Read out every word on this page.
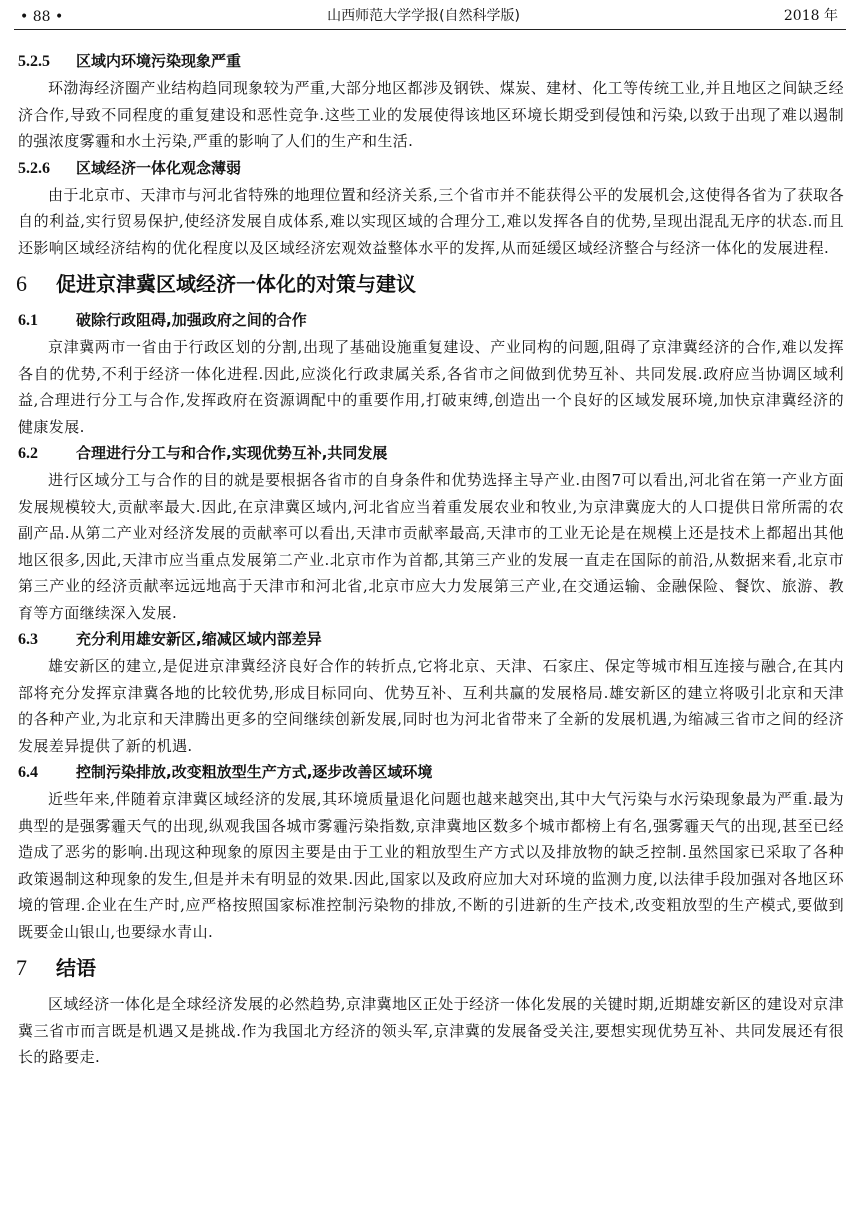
• 88 •	山西师范大学学报(自然科学版)	2018 年
5.2.5 区域内环境污染现象严重

环渤海经济圈产业结构趋同现象较为严重,大部分地区都涉及钢铁、煤炭、建材、化工等传统工业,并且地区之间缺乏经济合作,导致不同程度的重复建设和恶性竞争.这些工业的发展使得该地区环境长期受到侵蚀和污染,以致于出现了难以遏制的强浓度雾霾和水土污染,严重的影响了人们的生产和生活.

5.2.6 区域经济一体化观念薄弱

由于北京市、天津市与河北省特殊的地理位置和经济关系,三个省市并不能获得公平的发展机会,这使得各省为了获取各自的利益,实行贸易保护,使经济发展自成体系,难以实现区域的合理分工,难以发挥各自的优势,呈现出混乱无序的状态.而且还影响区域经济结构的优化程度以及区域经济宏观效益整体水平的发挥,从而延缓区域经济整合与经济一体化的发展进程.

6 促进京津冀区域经济一体化的对策与建议
6.1	破除行政阻碍,加强政府之间的合作

京津冀两市一省由于行政区划的分割,出现了基础设施重复建设、产业同构的问题,阻碍了京津冀经济的合作,难以发挥各自的优势,不利于经济一体化进程.因此,应淡化行政隶属关系,各省市之间做到优势互补、共同发展.政府应当协调区域利益,合理进行分工与合作,发挥政府在资源调配中的重要作用,打破束缚,创造出一个良好的区域发展环境,加快京津冀经济的健康发展.

6.2	合理进行分工与和合作,实现优势互补,共同发展

进行区域分工与合作的目的就是要根据各省市的自身条件和优势选择主导产业.由图7可以看出,河北省在第一产业方面发展规模较大,贡献率最大.因此,在京津冀区域内,河北省应当着重发展农业和牧业,为京津冀庞大的人口提供日常所需的农副产品.从第二产业对经济发展的贡献率可以看出,天津市贡献率最高,天津市的工业无论是在规模上还是技术上都超出其他地区很多,因此,天津市应当重点发展第二产业.北京市作为首都,其第三产业的发展一直走在国际的前沿,从数据来看,北京市第三产业的经济贡献率远远地高于天津市和河北省,北京市应大力发展第三产业,在交通运输、金融保险、餐饮、旅游、教育等方面继续深入发展.

6.3	充分利用雄安新区,缩减区域内部差异

雄安新区的建立,是促进京津冀经济良好合作的转折点,它将北京、天津、石家庄、保定等城市相互连接与融合,在其内部将充分发挥京津冀各地的比较优势,形成目标同向、优势互补、互利共赢的发展格局.雄安新区的建立将吸引北京和天津的各种产业,为北京和天津腾出更多的空间继续创新发展,同时也为河北省带来了全新的发展机遇,为缩减三省市之间的经济发展差异提供了新的机遇.

6.4	控制污染排放,改变粗放型生产方式,逐步改善区域环境

近些年来,伴随着京津冀区域经济的发展,其环境质量退化问题也越来越突出,其中大气污染与水污染现象最为严重.最为典型的是强雾霾天气的出现,纵观我国各城市雾霾污染指数,京津冀地区数多个城市都榜上有名,强雾霾天气的出现,甚至已经造成了恶劣的影响.出现这种现象的原因主要是由于工业的粗放型生产方式以及排放物的缺乏控制.虽然国家已采取了各种政策遏制这种现象的发生,但是并未有明显的效果.因此,国家以及政府应加大对环境的监测力度,以法律手段加强对各地区环境的管理.企业在生产时,应严格按照国家标准控制污染物的排放,不断的引进新的生产技术,改变粗放型的生产模式,要做到既要金山银山,也要绿水青山.

7 结语

区域经济一体化是全球经济发展的必然趋势,京津冀地区正处于经济一体化发展的关键时期,近期雄安新区的建设对京津冀三省市而言既是机遇又是挑战.作为我国北方经济的领头军,京津冀的发展备受关注,要想实现优势互补、共同发展还有很长的路要走.
